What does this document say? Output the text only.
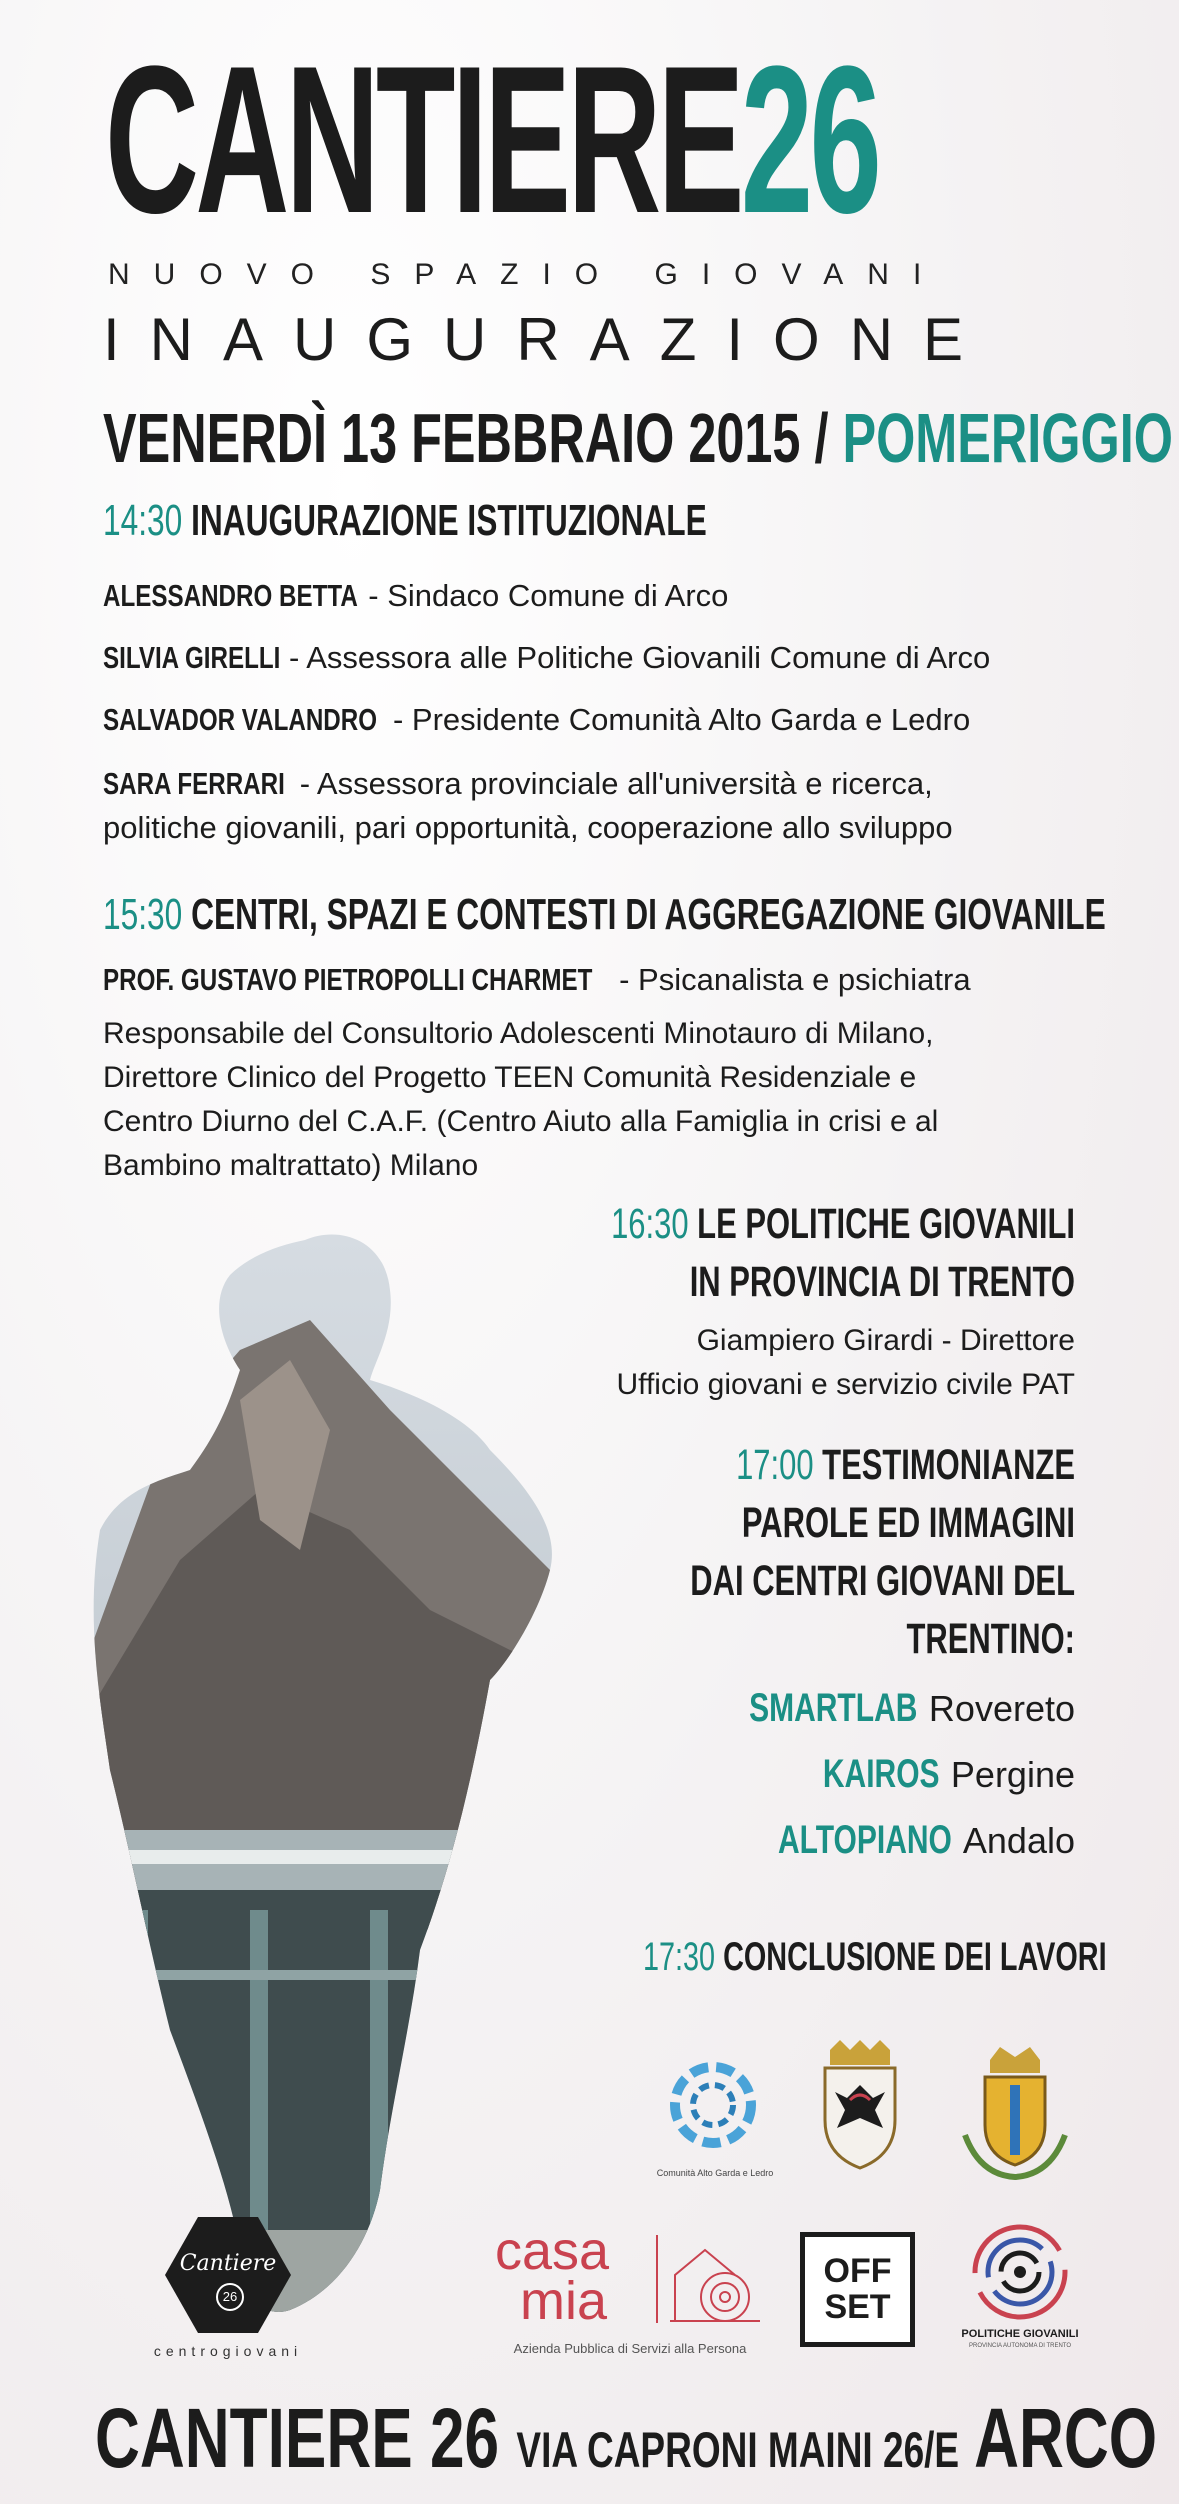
CANTIERE26
NUOVO SPAZIO GIOVANI
INAUGURAZIONE
VENERDÌ 13 FEBBRAIO 2015 / POMERIGGIO
14:30 INAUGURAZIONE ISTITUZIONALE
ALESSANDRO BETTA - Sindaco Comune di Arco
SILVIA GIRELLI - Assessora alle Politiche Giovanili Comune di Arco
SALVADOR VALANDRO - Presidente Comunità Alto Garda e Ledro
SARA FERRARI - Assessora provinciale all'università e ricerca,
politiche giovanili, pari opportunità, cooperazione allo sviluppo
15:30 CENTRI, SPAZI E CONTESTI DI AGGREGAZIONE GIOVANILE
PROF. GUSTAVO PIETROPOLLI CHARMET - Psicanalista e psichiatra
Responsabile del Consultorio Adolescenti Minotauro di Milano,
Direttore Clinico del Progetto TEEN Comunità Residenziale e
Centro Diurno del C.A.F. (Centro Aiuto alla Famiglia in crisi e al
Bambino maltrattato) Milano
16:30 LE POLITICHE GIOVANILI
IN PROVINCIA DI TRENTO
Giampiero Girardi - Direttore
Ufficio giovani e servizio civile PAT
17:00 TESTIMONIANZE
PAROLE ED IMMAGINI
DAI CENTRI GIOVANI DEL
TRENTINO:
SMARTLAB Rovereto
KAIROS Pergine
ALTOPIANO Andalo
17:30 CONCLUSIONE DEI LAVORI
Comunità Alto Garda e Ledro
Cantiere
26
centrogiovani
casa
mia
Azienda Pubblica di Servizi alla Persona
OFF
SET
POLITICHE GIOVANILI
PROVINCIA AUTONOMA DI TRENTO
CANTIERE 26 VIA CAPRONI MAINI 26/E ARCO
